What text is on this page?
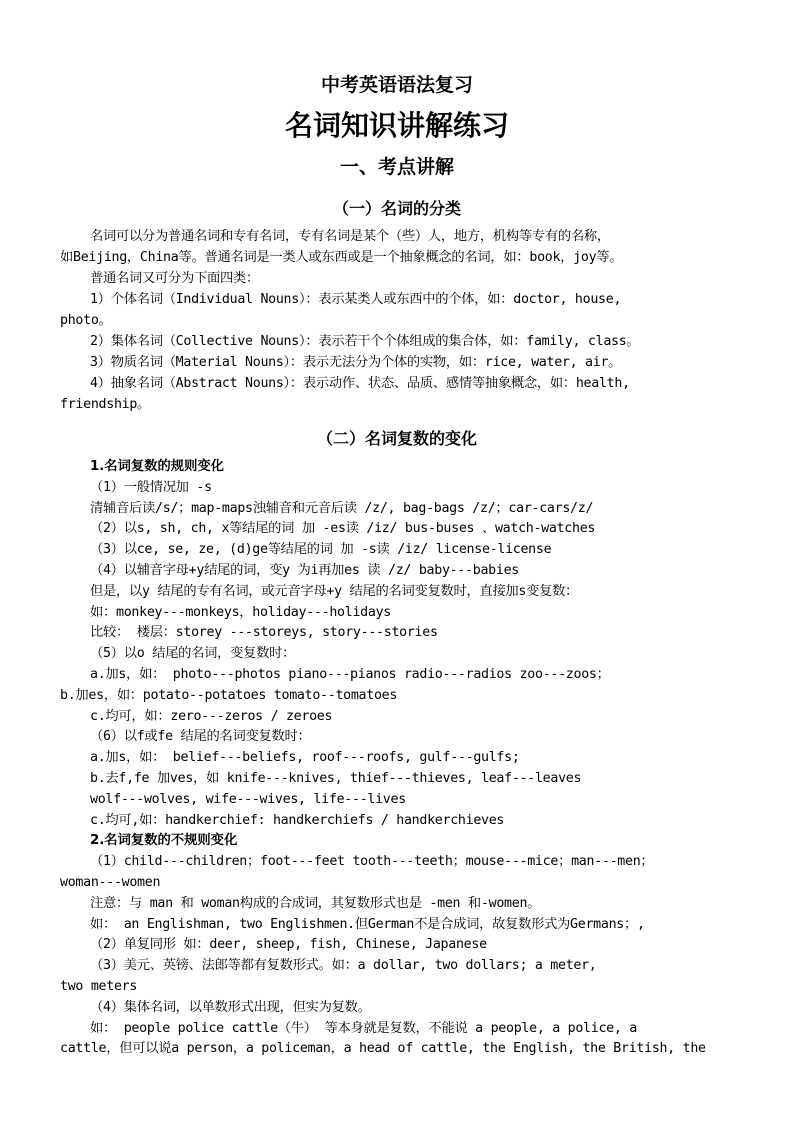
中考英语语法复习
名词知识讲解练习
一、考点讲解
（一）名词的分类
名词可以分为普通名词和专有名词，专有名词是某个（些）人，地方，机构等专有的名称，
如Beijing，China等。普通名词是一类人或东西或是一个抽象概念的名词，如：book，joy等。
普通名词又可分为下面四类：
1）个体名词（Individual Nouns）：表示某类人或东西中的个体，如：doctor, house,
photo。
2）集体名词（Collective Nouns）：表示若干个个体组成的集合体，如：family, class。
3）物质名词（Material Nouns）：表示无法分为个体的实物，如：rice, water, air。
4）抽象名词（Abstract Nouns）：表示动作、状态、品质、感情等抽象概念，如：health,
friendship。
（二）名词复数的变化
1.名词复数的规则变化
（1）一般情况加 -s
清辅音后读/s/；map-maps浊辅音和元音后读 /z/, bag-bags /z/；car-cars/z/
（2）以s, sh, ch, x等结尾的词 加 -es读 /iz/ bus-buses 、watch-watches
（3）以ce, se, ze, (d)ge等结尾的词 加 -s读 /iz/ license-license
（4）以辅音字母+y结尾的词，变y 为i再加es 读 /z/ baby---babies
但是，以y 结尾的专有名词，或元音字母+y 结尾的名词变复数时，直接加s变复数：
如：monkey---monkeys，holiday---holidays
比较： 楼层：storey ---storeys, story---stories
（5）以o 结尾的名词，变复数时：
a.加s，如： photo---photos piano---pianos radio---radios zoo---zoos；
b.加es，如：potato--potatoes tomato--tomatoes
c.均可，如：zero---zeros / zeroes
（6）以f或fe 结尾的名词变复数时：
a.加s，如： belief---beliefs, roof---roofs, gulf---gulfs;
b.去f,fe 加ves，如 knife---knives, thief---thieves, leaf---leaves
wolf---wolves, wife---wives, life---lives
c.均可,如：handkerchief: handkerchiefs / handkerchieves
2.名词复数的不规则变化
（1）child---children；foot---feet tooth---teeth；mouse---mice；man---men；
woman---women
注意：与 man 和 woman构成的合成词，其复数形式也是 -men 和-women。
如： an Englishman, two Englishmen.但German不是合成词，故复数形式为Germans；,
（2）单复同形 如：deer, sheep, fish, Chinese, Japanese
（3）美元、英镑、法郎等都有复数形式。如：a dollar, two dollars; a meter,
two meters
（4）集体名词，以单数形式出现，但实为复数。
如： people police cattle（牛） 等本身就是复数，不能说 a people, a police, a
cattle，但可以说a person，a policeman，a head of cattle, the English, the British, the
